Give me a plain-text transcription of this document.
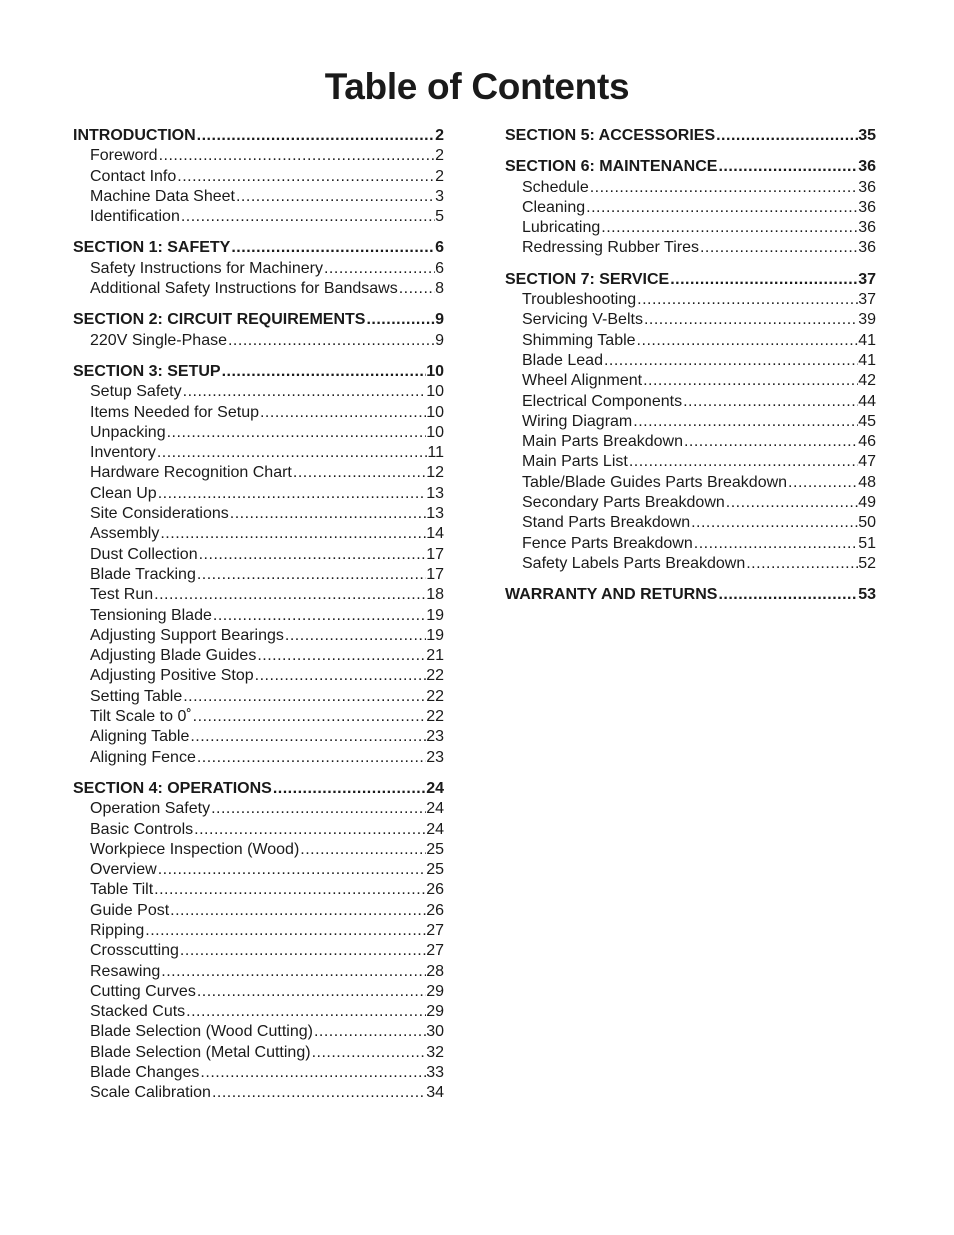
Table of Contents
INTRODUCTION .....	2
Foreword .....	2
Contact Info .....	2
Machine Data Sheet .....	3
Identification .....	5
SECTION 1: SAFETY .....	6
Safety Instructions for Machinery .....	6
Additional Safety Instructions for Bandsaws ..... 8
SECTION 2: CIRCUIT REQUIREMENTS .....	9
220V Single-Phase .....	9
SECTION 3: SETUP .....	10
Setup Safety .....	10
Items Needed for Setup .....	10
Unpacking .....	10
Inventory .....	11
Hardware Recognition Chart .....	12
Clean Up .....	13
Site Considerations .....	13
Assembly .....	14
Dust Collection .....	17
Blade Tracking .....	17
Test Run .....	18
Tensioning Blade .....	19
Adjusting Support Bearings .....	19
Adjusting Blade Guides .....	21
Adjusting Positive Stop .....	22
Setting Table .....	22
Tilt Scale to 0˚ .....	22
Aligning Table .....	23
Aligning Fence .....	23
SECTION 4: OPERATIONS .....	24
Operation Safety .....	24
Basic Controls .....	24
Workpiece Inspection (Wood) .....	25
Overview .....	25
Table Tilt .....	26
Guide Post .....	26
Ripping .....	27
Crosscutting .....	27
Resawing .....	28
Cutting Curves .....	29
Stacked Cuts .....	29
Blade Selection (Wood Cutting) .....	30
Blade Selection (Metal Cutting) .....	32
Blade Changes .....	33
Scale Calibration .....	34
SECTION 5: ACCESSORIES .....	35
SECTION 6: MAINTENANCE .....	36
Schedule .....	36
Cleaning .....	36
Lubricating .....	36
Redressing Rubber Tires .....	36
SECTION 7: SERVICE .....	37
Troubleshooting .....	37
Servicing V-Belts .....	39
Shimming Table .....	41
Blade Lead .....	41
Wheel Alignment .....	42
Electrical Components .....	44
Wiring Diagram .....	45
Main Parts Breakdown .....	46
Main Parts List .....	47
Table/Blade Guides Parts Breakdown .....	48
Secondary Parts Breakdown .....	49
Stand Parts Breakdown .....	50
Fence Parts Breakdown .....	51
Safety Labels Parts Breakdown .....	52
WARRANTY AND RETURNS .....	53
